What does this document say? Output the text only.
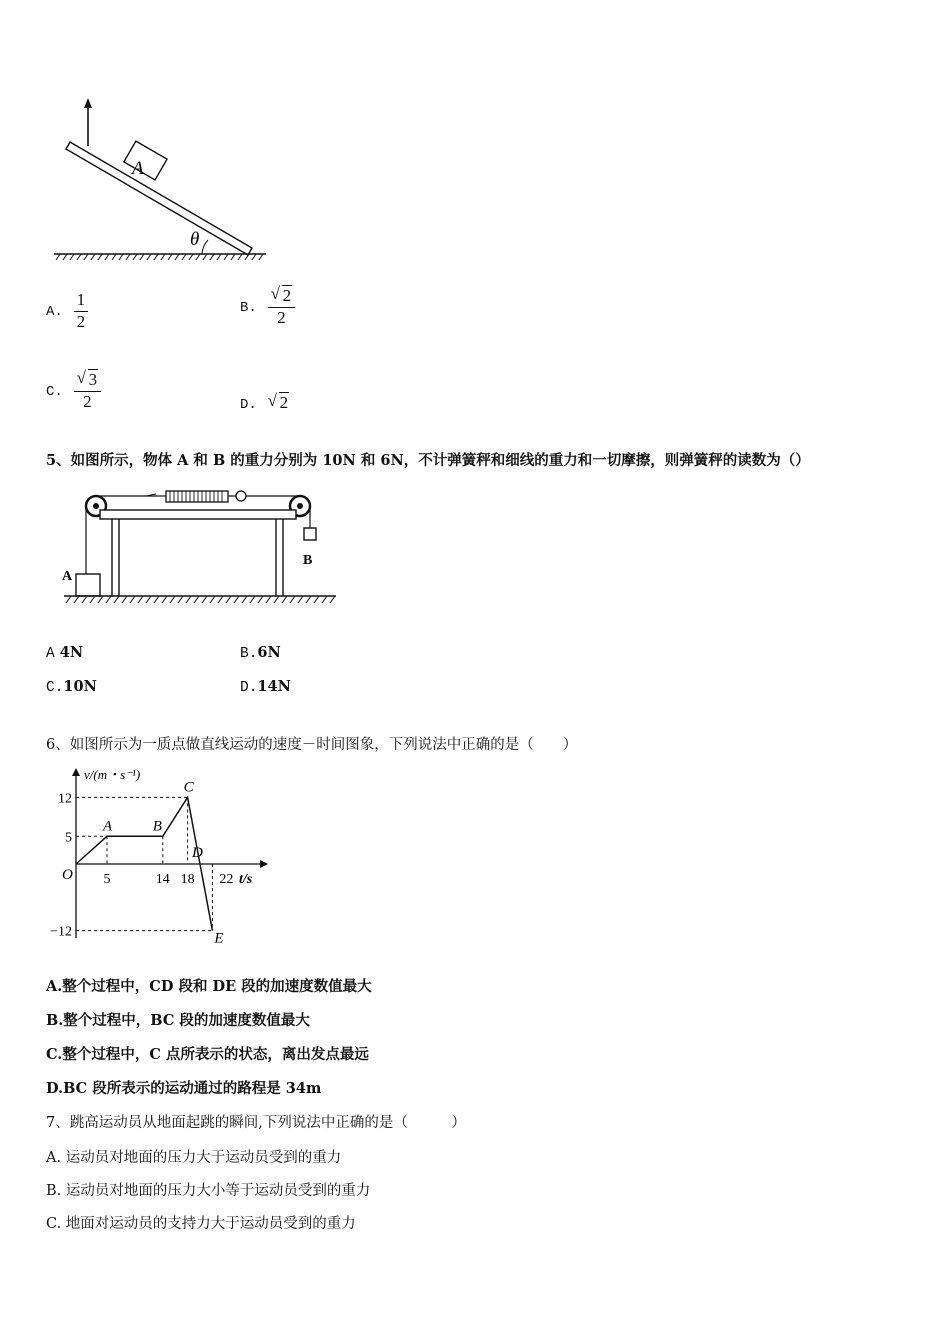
A
θ
A. $\frac{1}{2}$	B. $\frac{√ 2}{2}$
C. $\frac{√ 3}{2}$	D. √ 2
5、如图所示，物体 A 和 B 的重力分别为 10N 和 6N，不计弹簧秤和细线的重力和一切摩擦，则弹簧秤的读数为（）
A
B
A 4N	B.6N
C.10N	D.14N
6、如图所示为一质点做直线运动的速度－时间图象，下列说法中正确的是（　　）
v/(m・s⁻¹)
t/s
O
A	B
C
D
E
12
5
−12
5	14 18 22
A.整个过程中，CD 段和 DE 段的加速度数值最大
B.整个过程中，BC 段的加速度数值最大
C.整个过程中，C 点所表示的状态，离出发点最远
D.BC 段所表示的运动通过的路程是 34m
7、跳高运动员从地面起跳的瞬间,下列说法中正确的是（　　　）
A. 运动员对地面的压力大于运动员受到的重力
B. 运动员对地面的压力大小等于运动员受到的重力
C. 地面对运动员的支持力大于运动员受到的重力
